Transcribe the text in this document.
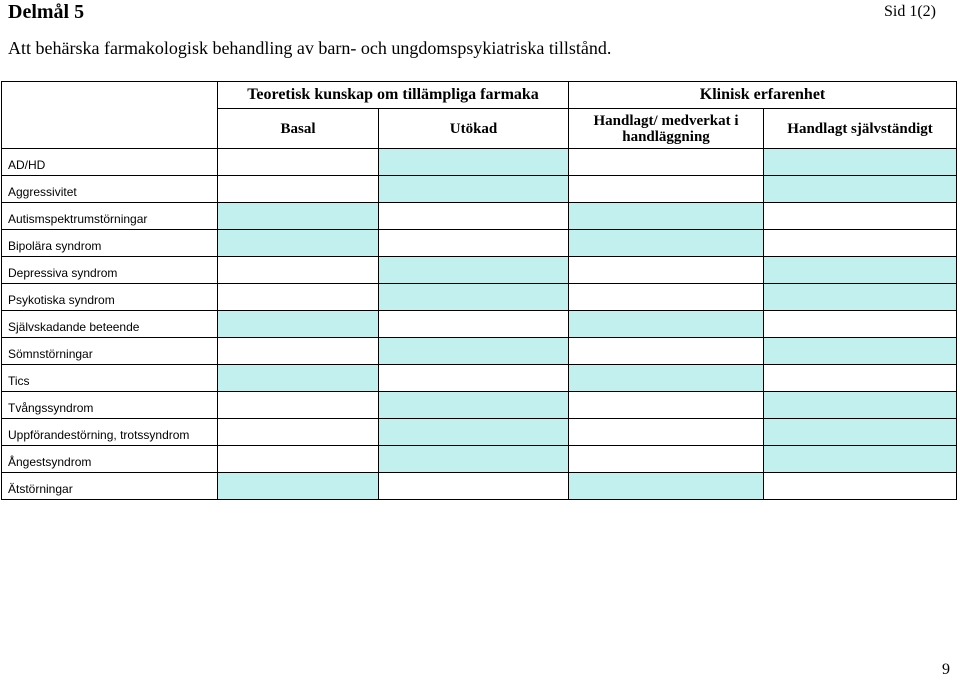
Delmål 5	Sid 1(2)
Att behärska farmakologisk behandling av barn- och ungdomspsykiatriska tillstånd.
	Teoretisk kunskap om tillämpliga farmaka		Klinisk erfarenhet	
	Basal	Utökad	Handlagt/ medverkat i handläggning	Handlagt självständigt

AD/HD				

Aggressivitet				

Autismspektrumstörningar				

Bipolära syndrom				

Depressiva syndrom				

Psykotiska syndrom				

Självskadande beteende				

Sömnstörningar				

Tics				

Tvångssyndrom				

Uppförandestörning, trotssyndrom				

Ångestsyndrom				

Ätstörningar				

9
